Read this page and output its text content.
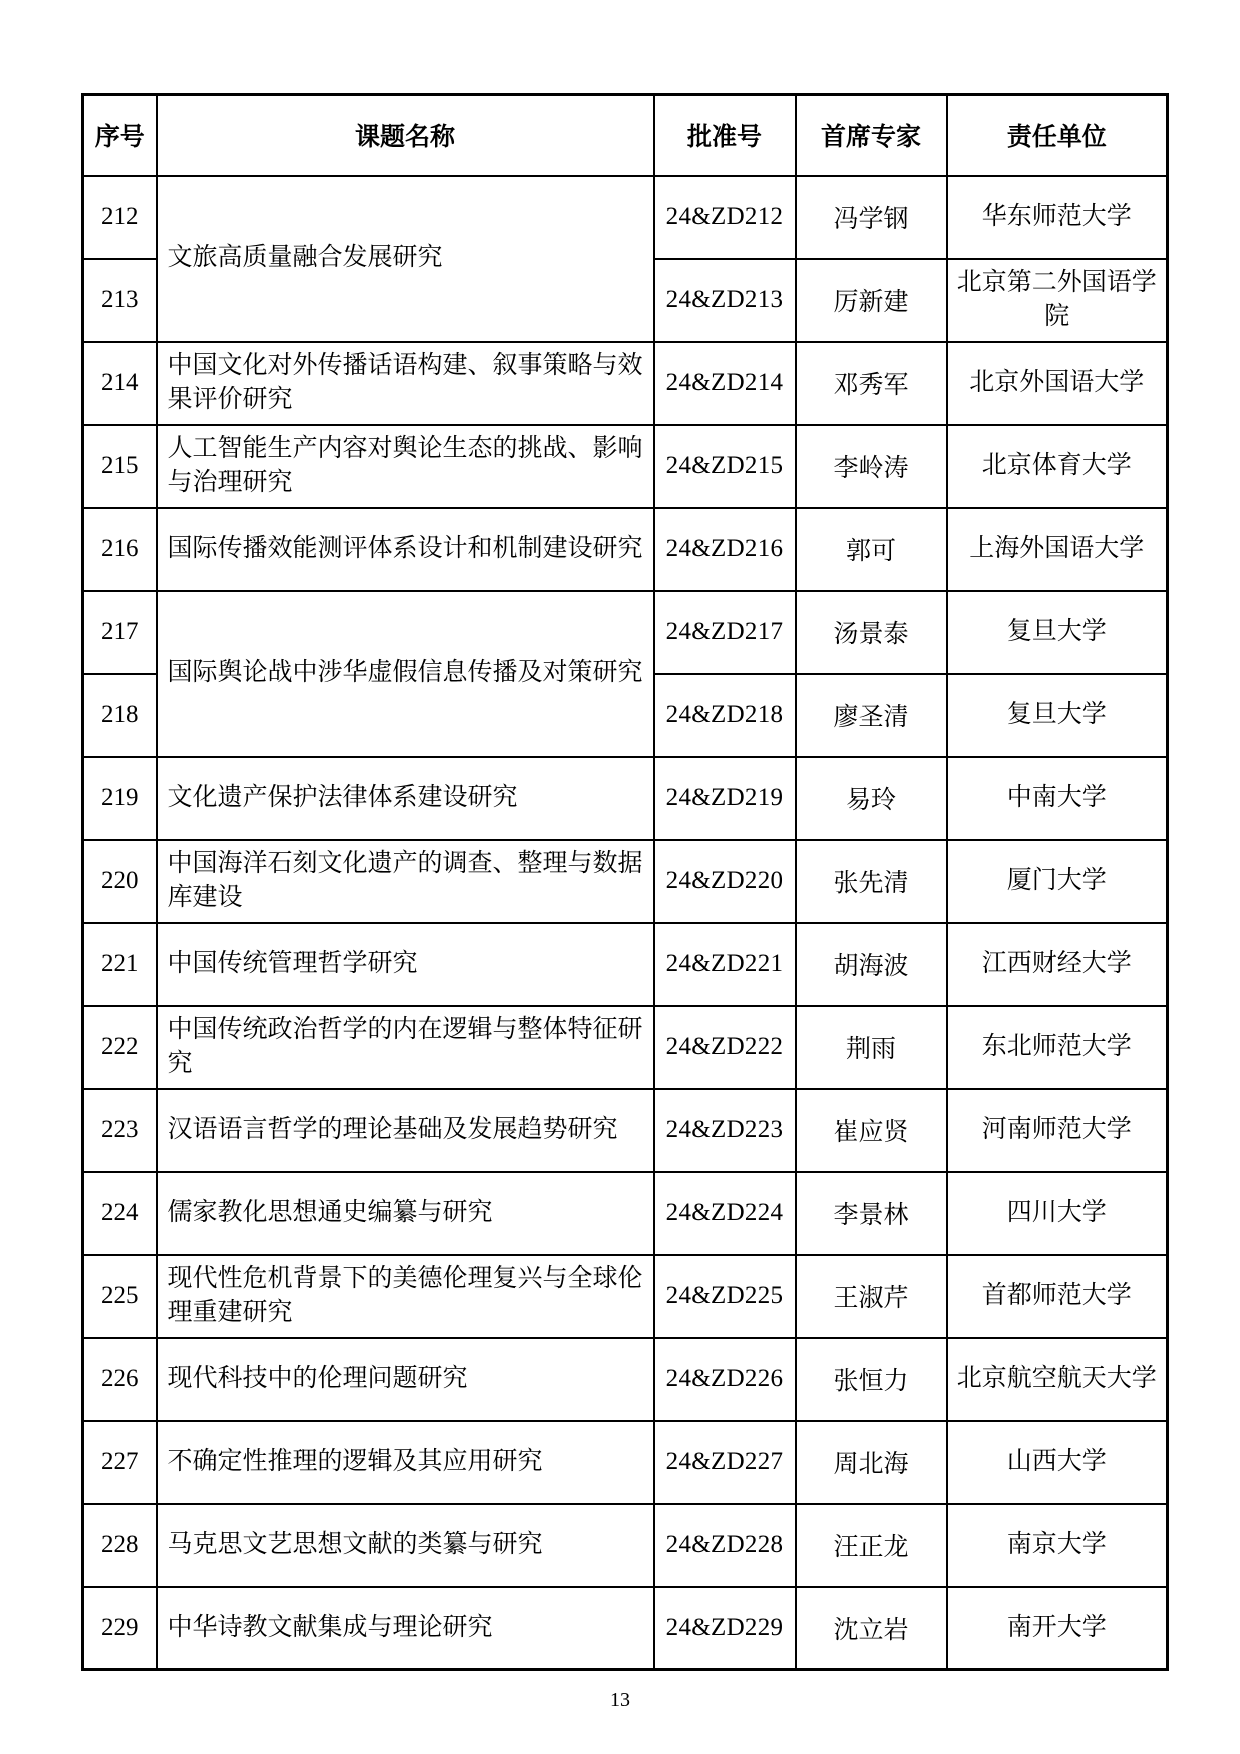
序号	课题名称	批准号	首席专家	责任单位
212	文旅高质量融合发展研究	24&ZD212	冯学钢	华东师范大学
213		24&ZD213	厉新建	北京第二外国语学院
214	中国文化对外传播话语构建、叙事策略与效果评价研究	24&ZD214	邓秀军	北京外国语大学
215	人工智能生产内容对舆论生态的挑战、影响与治理研究	24&ZD215	李岭涛	北京体育大学
216	国际传播效能测评体系设计和机制建设研究	24&ZD216	郭可	上海外国语大学
217	国际舆论战中涉华虚假信息传播及对策研究	24&ZD217	汤景泰	复旦大学
218		24&ZD218	廖圣清	复旦大学
219	文化遗产保护法律体系建设研究	24&ZD219	易玲	中南大学
220	中国海洋石刻文化遗产的调查、整理与数据库建设	24&ZD220	张先清	厦门大学
221	中国传统管理哲学研究	24&ZD221	胡海波	江西财经大学
222	中国传统政治哲学的内在逻辑与整体特征研究	24&ZD222	荆雨	东北师范大学
223	汉语语言哲学的理论基础及发展趋势研究	24&ZD223	崔应贤	河南师范大学
224	儒家教化思想通史编纂与研究	24&ZD224	李景林	四川大学
225	现代性危机背景下的美德伦理复兴与全球伦理重建研究	24&ZD225	王淑芹	首都师范大学
226	现代科技中的伦理问题研究	24&ZD226	张恒力	北京航空航天大学
227	不确定性推理的逻辑及其应用研究	24&ZD227	周北海	山西大学
228	马克思文艺思想文献的类纂与研究	24&ZD228	汪正龙	南京大学
229	中华诗教文献集成与理论研究	24&ZD229	沈立岩	南开大学
13
